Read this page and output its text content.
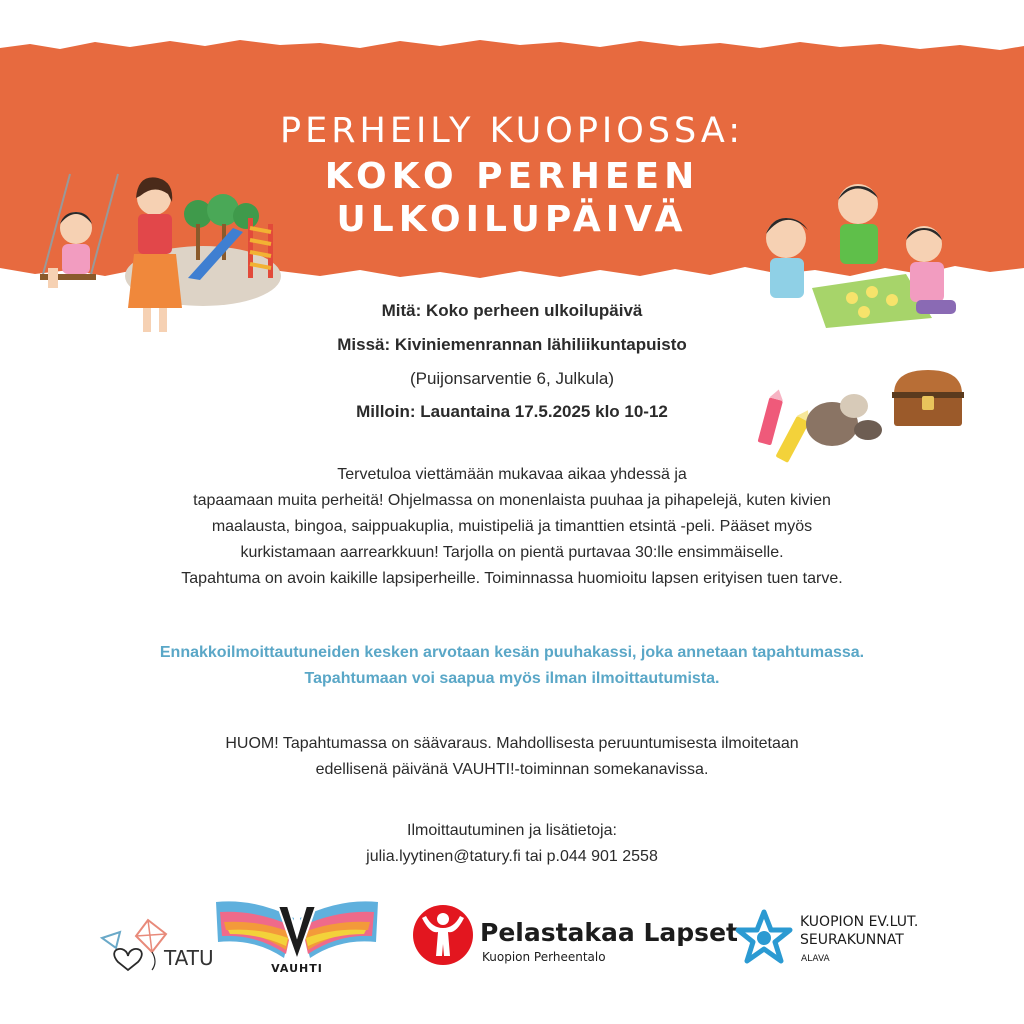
PERHEILY KUOPIOSSA:
KOKO PERHEEN
ULKOILUPÄIVÄ
Mitä: Koko perheen ulkoilupäivä
Missä: Kiviniemenrannan lähiliikuntapuisto
(Puijonsarventie 6, Julkula)
Milloin: Lauantaina 17.5.2025 klo 10-12
Tervetuloa viettämään mukavaa aikaa yhdessä ja
tapaamaan muita perheitä! Ohjelmassa on monenlaista puuhaa ja pihapelejä, kuten kivien
maalausta, bingoa, saippuakuplia, muistipeliä ja timanttien etsintä -peli. Pääset myös
kurkistamaan aarrearkkuun! Tarjolla on pientä purtavaa 30:lle ensimmäiselle.
Tapahtuma on avoin kaikille lapsiperheille. Toiminnassa huomioitu lapsen erityisen tuen tarve.
Ennakkoilmoittautuneiden kesken arvotaan kesän puuhakassi, joka annetaan tapahtumassa.
Tapahtumaan voi saapua myös ilman ilmoittautumista.
HUOM! Tapahtumassa on säävaraus. Mahdollisesta peruuntumisesta ilmoitetaan
edellisenä päivänä VAUHTI!-toiminnan somekanavissa.
Ilmoittautuminen ja lisätietoja:
julia.lyytinen@tatury.fi tai p.044 901 2558
TATU	VAUHTI
Pelastakaa Lapset
Kuopion Perheentalo
KUOPION EV.LUT.
SEURAKUNNAT
ALAVA
